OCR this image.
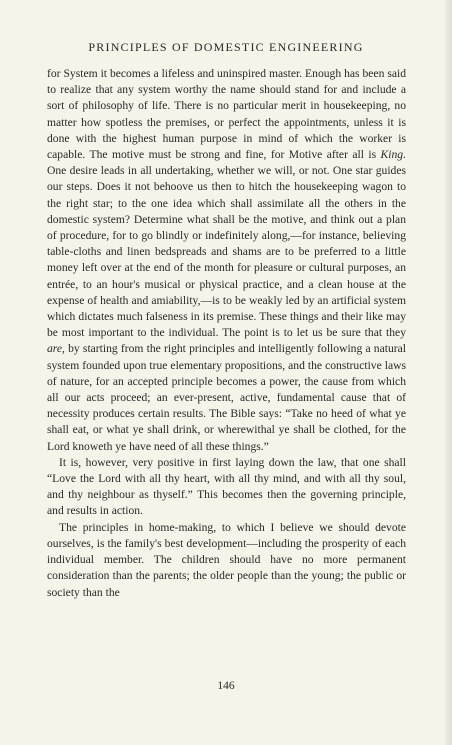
PRINCIPLES OF DOMESTIC ENGINEERING

for System it becomes a lifeless and uninspired master. Enough has been said to realize that any system worthy the name should stand for and include a sort of philosophy of life. There is no particular merit in housekeeping, no matter how spotless the premises, or perfect the appointments, unless it is done with the highest human purpose in mind of which the worker is capable. The motive must be strong and fine, for Motive after all is King. One desire leads in all undertaking, whether we will, or not. One star guides our steps. Does it not behoove us then to hitch the housekeeping wagon to the right star; to the one idea which shall assimilate all the others in the domestic system? Determine what shall be the motive, and think out a plan of procedure, for to go blindly or indefinitely along,—for instance, believing table-cloths and linen bedspreads and shams are to be preferred to a little money left over at the end of the month for pleasure or cultural purposes, an entrée, to an hour's musical or physical practice, and a clean house at the expense of health and amiability,—is to be weakly led by an artificial system which dictates much falseness in its premise. These things and their like may be most important to the individual. The point is to let us be sure that they are, by starting from the right principles and intelligently following a natural system founded upon true elementary propositions, and the constructive laws of nature, for an accepted principle becomes a power, the cause from which all our acts proceed; an ever-present, active, fundamental cause that of necessity produces certain results. The Bible says: “Take no heed of what ye shall eat, or what ye shall drink, or wherewithal ye shall be clothed, for the Lord knoweth ye have need of all these things.”

It is, however, very positive in first laying down the law, that one shall “Love the Lord with all thy heart, with all thy mind, and with all thy soul, and thy neighbour as thyself.” This becomes then the governing principle, and results in action.

The principles in home-making, to which I believe we should devote ourselves, is the family's best development—including the prosperity of each individual member. The children should have no more permanent consideration than the parents; the older people than the young; the public or society than the

146
